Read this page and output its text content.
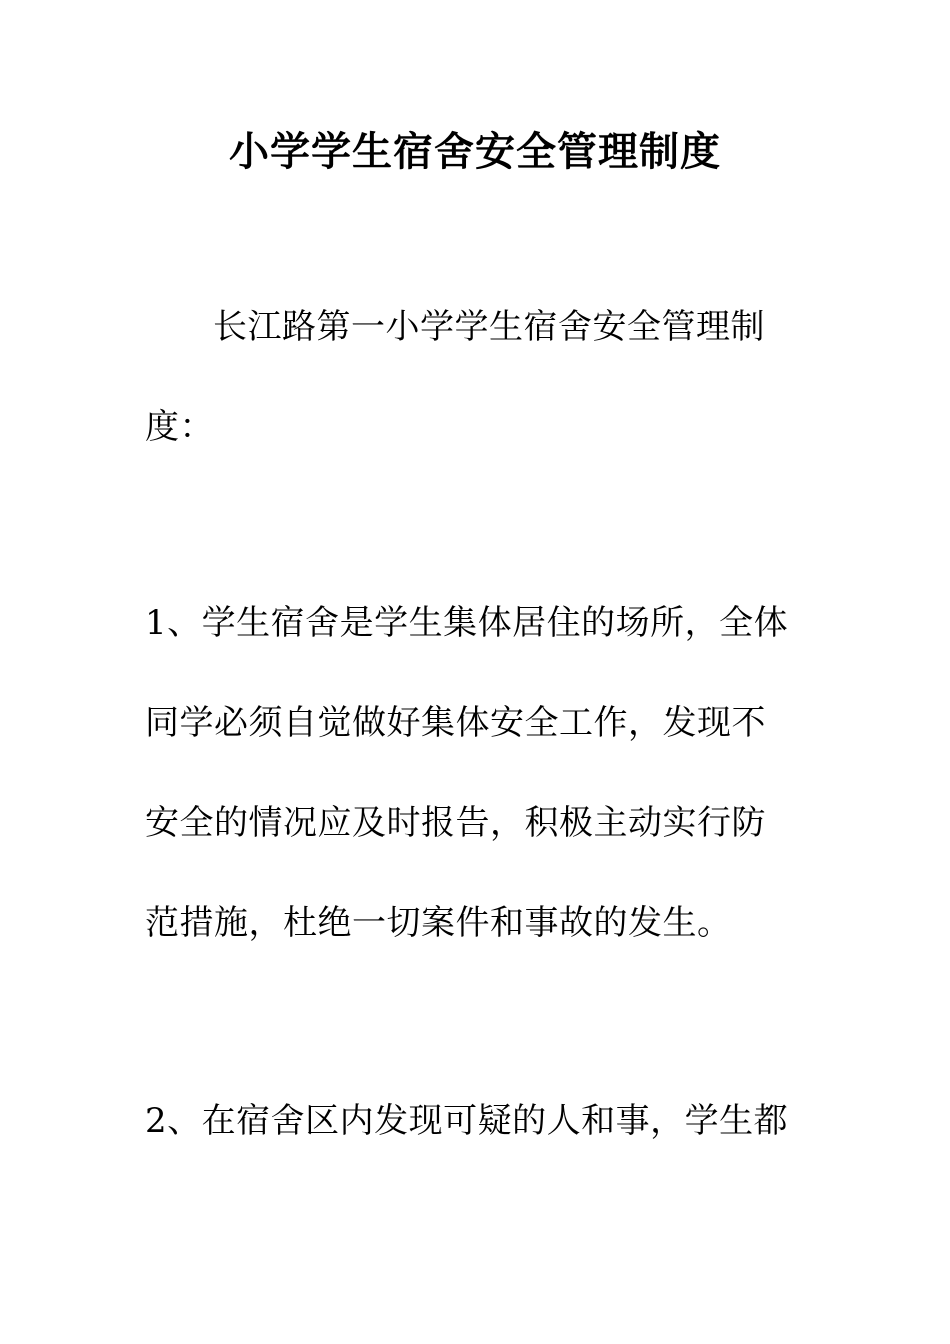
小学学生宿舍安全管理制度
长江路第一小学学生宿舍安全管理制
度：
1、学生宿舍是学生集体居住的场所，全体
同学必须自觉做好集体安全工作，发现不
安全的情况应及时报告，积极主动实行防
范措施，杜绝一切案件和事故的发生。
2、在宿舍区内发现可疑的人和事，学生都
